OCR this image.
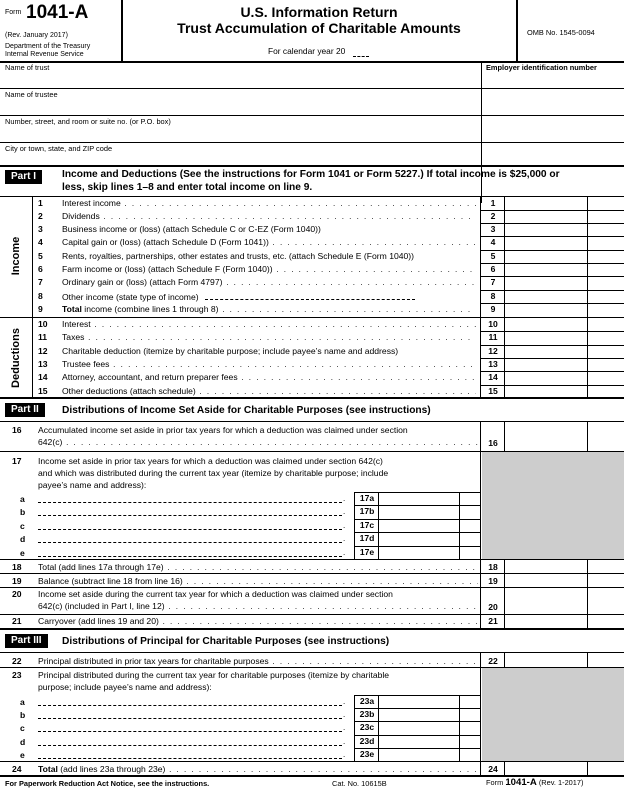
Form 1041-A
(Rev. January 2017)
Department of the Treasury
Internal Revenue Service
U.S. Information Return
Trust Accumulation of Charitable Amounts
For calendar year 20
OMB No. 1545-0094
Name of trust	Employer identification number
Name of trustee
Number, street, and room or suite no. (or P.O. box)
City or town, state, and ZIP code
Part I	Income and Deductions (See the instructions for Form 1041 or Form 5227.) If total income is $25,000 or
less, skip lines 1–8 and enter total income on line 9.
Income
Deductions
1 Interest income . . .	1
2 Dividends . . .	2
3 Business income or (loss) (attach Schedule C or C-EZ (Form 1040))	3
4 Capital gain or (loss) (attach Schedule D (Form 1041)) . . .	4
5 Rents, royalties, partnerships, other estates and trusts, etc. (attach Schedule E (Form 1040))	5
6 Farm income or (loss) (attach Schedule F (Form 1040)) . . .	6
7 Ordinary gain or (loss) (attach Form 4797) . . .	7
8 Other income (state type of income)	8
9 Total income (combine lines 1 through 8) . . .	9
10 Interest . . .	10
11 Taxes . . .	11
12 Charitable deduction (itemize by charitable purpose; include payee’s name and address)	12
13 Trustee fees . . .	13
14 Attorney, accountant, and return preparer fees . . .	14
15 Other deductions (attach schedule) . . .	15
Part II	Distributions of Income Set Aside for Charitable Purposes (see instructions)
16 Accumulated income set aside in prior tax years for which a deduction was claimed under section
642(c) . . .	16
17 Income set aside in prior tax years for which a deduction was claimed under section 642(c)
and which was distributed during the current tax year (itemize by charitable purpose; include
payee’s name and address):
a	.	17a
b	.	17b
c	.	17c
d	.	17d
e	.	17e
18 Total (add lines 17a through 17e) . . .	18
19 Balance (subtract line 18 from line 16) . . .	19
20 Income set aside during the current tax year for which a deduction was claimed under section
642(c) (included in Part I, line 12) . . .	20
21 Carryover (add lines 19 and 20) . . .	21
Part III	Distributions of Principal for Charitable Purposes (see instructions)
22 Principal distributed in prior tax years for charitable purposes . . .	22
23 Principal distributed during the current tax year for charitable purposes (itemize by charitable
purpose; include payee’s name and address):
a	.	23a
b	.	23b
c	.	23c
d	.	23d
e	.	23e
24 Total (add lines 23a through 23e) . . .	24
For Paperwork Reduction Act Notice, see the instructions.	Cat. No. 10615B	Form 1041-A (Rev. 1-2017)
